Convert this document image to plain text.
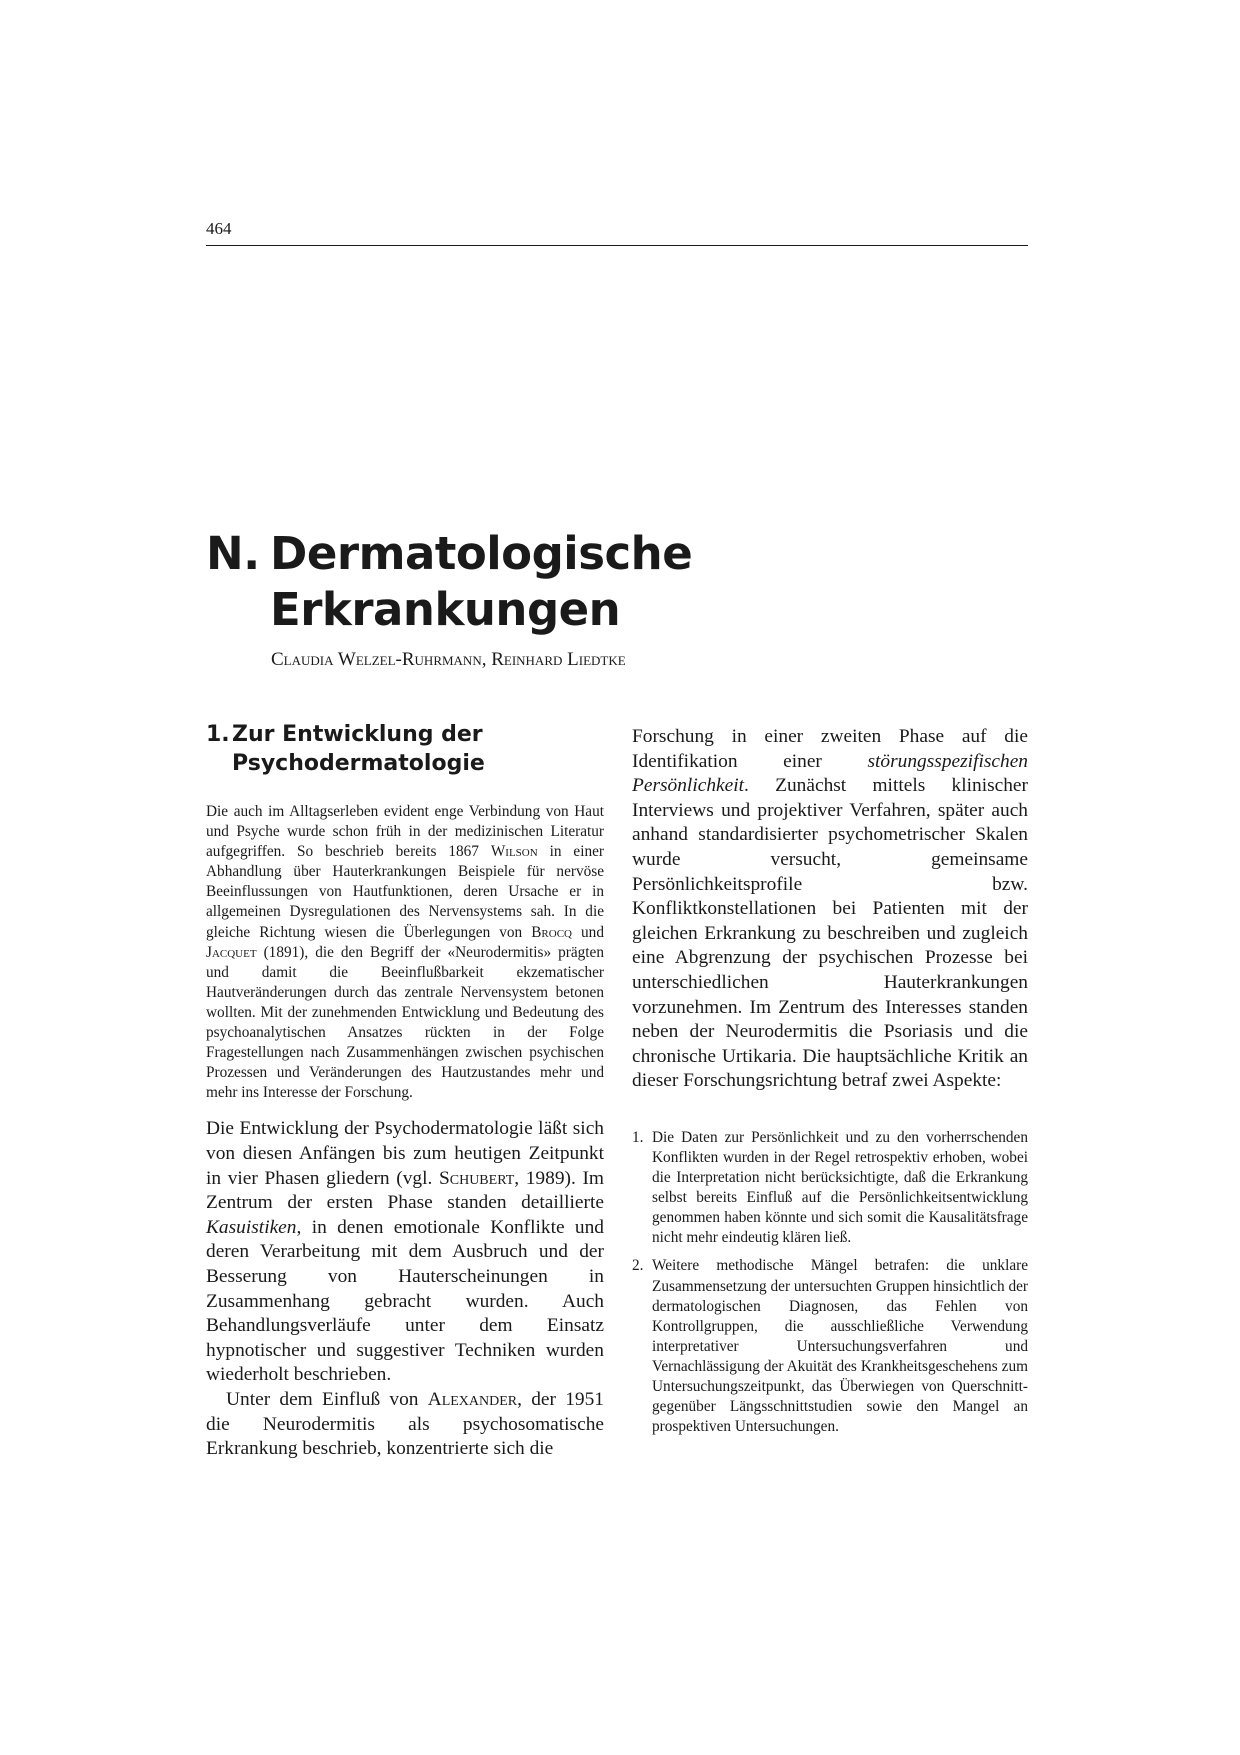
464
N. Dermatologische
Erkrankungen
Claudia Welzel-Ruhrmann, Reinhard Liedtke
1. Zur Entwicklung der
Psychodermatologie

Die auch im Alltagserleben evident enge Verbindung von Haut und Psyche wurde schon früh in der medizinischen Literatur aufgegriffen. So beschrieb bereits 1867 Wilson in einer Abhandlung über Hauterkrankungen Beispiele für nervöse Beeinflussungen von Hautfunktionen, deren Ursache er in allgemeinen Dysregulationen des Nervensystems sah. In die gleiche Richtung wiesen die Überlegungen von Brocq und Jacquet (1891), die den Begriff der «Neurodermitis» prägten und damit die Beeinflußbarkeit ekzematischer Hautveränderungen durch das zentrale Nervensystem betonen wollten. Mit der zunehmenden Entwicklung und Bedeutung des psychoanalytischen Ansatzes rückten in der Folge Fragestellungen nach Zusammenhängen zwischen psychischen Prozessen und Veränderungen des Hautzustandes mehr und mehr ins Interesse der Forschung.

Die Entwicklung der Psychodermatologie läßt sich von diesen Anfängen bis zum heutigen Zeitpunkt in vier Phasen gliedern (vgl. Schubert, 1989). Im Zentrum der ersten Phase standen detaillierte Kasuistiken, in denen emotionale Konflikte und deren Verarbeitung mit dem Ausbruch und der Besserung von Hauterscheinungen in Zusammenhang gebracht wurden. Auch Behandlungsverläufe unter dem Einsatz hypnotischer und suggestiver Techniken wurden wiederholt beschrieben.

Unter dem Einfluß von Alexander, der 1951 die Neurodermitis als psychosomatische Erkrankung beschrieb, konzentrierte sich die

Forschung in einer zweiten Phase auf die Identifikation einer störungsspezifischen Persönlichkeit. Zunächst mittels klinischer Interviews und projektiver Verfahren, später auch anhand standardisierter psychometrischer Skalen wurde versucht, gemeinsame Persönlichkeitsprofile bzw. Konfliktkonstellationen bei Patienten mit der gleichen Erkrankung zu beschreiben und zugleich eine Abgrenzung der psychischen Prozesse bei unterschiedlichen Hauterkrankungen vorzunehmen. Im Zentrum des Interesses standen neben der Neurodermitis die Psoriasis und die chronische Urtikaria. Die hauptsächliche Kritik an dieser Forschungsrichtung betraf zwei Aspekte:

1. Die Daten zur Persönlichkeit und zu den vorherrschenden Konflikten wurden in der Regel retrospektiv erhoben, wobei die Interpretation nicht berücksichtigte, daß die Erkrankung selbst bereits Einfluß auf die Persönlichkeitsentwicklung genommen haben könnte und sich somit die Kausalitätsfrage nicht mehr eindeutig klären ließ.
2. Weitere methodische Mängel betrafen: die unklare Zusammensetzung der untersuchten Gruppen hinsichtlich der dermatologischen Diagnosen, das Fehlen von Kontrollgruppen, die ausschließliche Verwendung interpretativer Untersuchungsverfahren und Vernachlässigung der Akuität des Krankheitsgeschehens zum Untersuchungszeitpunkt, das Überwiegen von Querschnitt- gegenüber Längsschnittstudien sowie den Mangel an prospektiven Untersuchungen.
